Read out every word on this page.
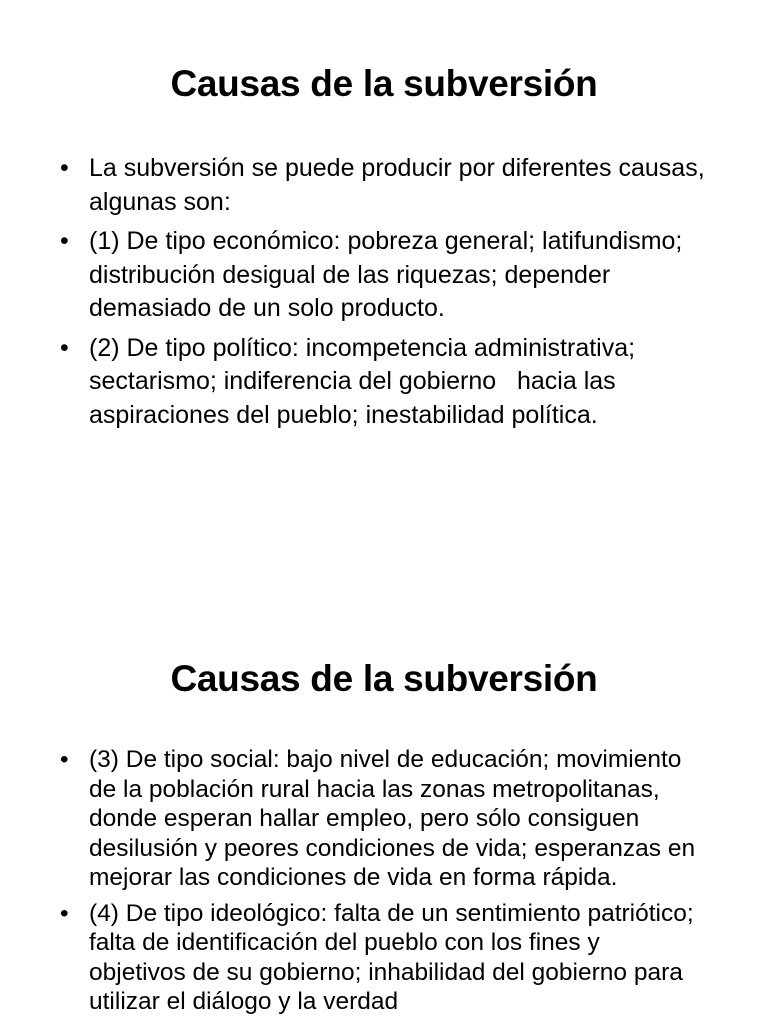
Causas de la subversión
• La subversión se puede producir por diferentes causas, algunas son:
• (1) De tipo económico: pobreza general; latifundismo; distribución desigual de las riquezas; depender demasiado de un solo producto.
• (2) De tipo político: incompetencia administrativa; sectarismo; indiferencia del gobierno   hacia las aspiraciones del pueblo; inestabilidad política.
Causas de la subversión
• (3) De tipo social: bajo nivel de educación; movimiento de la población rural hacia las zonas metropolitanas, donde esperan hallar empleo, pero sólo consiguen desilusión y peores condiciones de vida; esperanzas en mejorar las condiciones de vida en forma rápida.
• (4) De tipo ideológico: falta de un sentimiento patriótico; falta de identificación del pueblo con los fines y objetivos de su gobierno; inhabilidad del gobierno para utilizar el diálogo y la verdad
